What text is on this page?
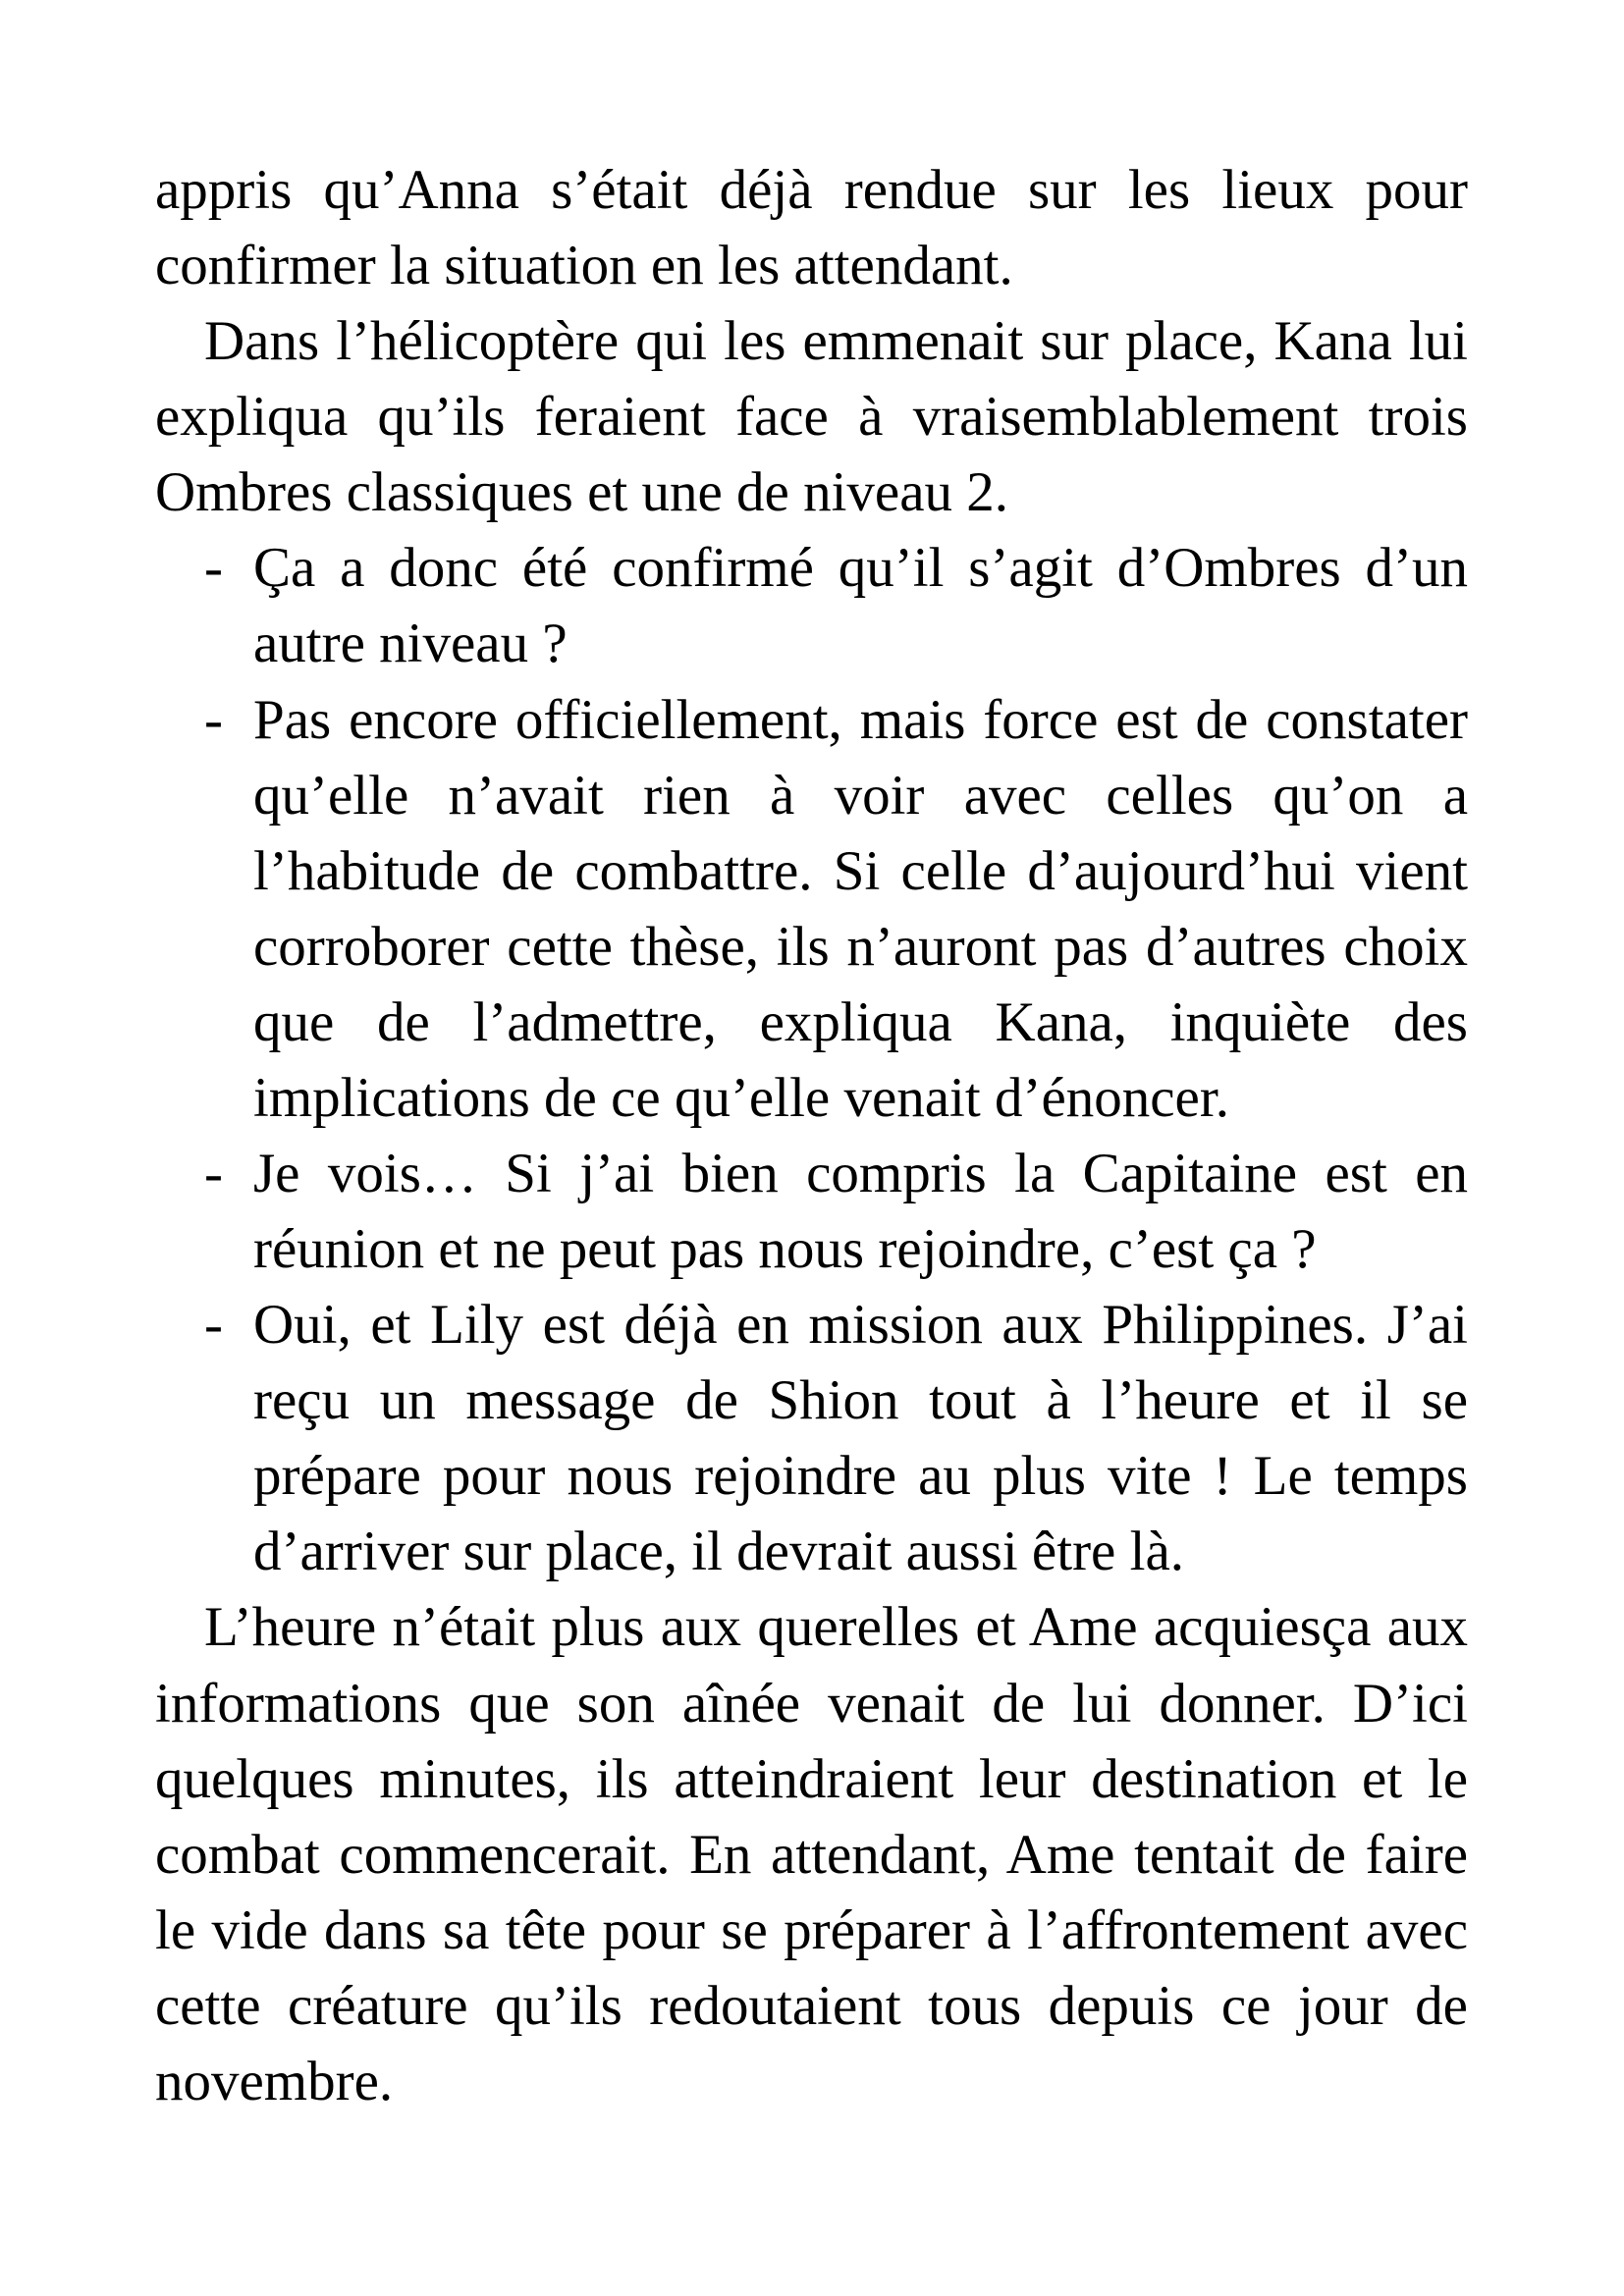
appris qu’Anna s’était déjà rendue sur les lieux pour
confirmer la situation en les attendant.
Dans l’hélicoptère qui les emmenait sur place, Kana lui
expliqua qu’ils feraient face à vraisemblablement trois
Ombres classiques et une de niveau 2.
- Ça a donc été confirmé qu’il s’agit d’Ombres d’un
autre niveau ?
- Pas encore officiellement, mais force est de constater
qu’elle n’avait rien à voir avec celles qu’on a
l’habitude de combattre. Si celle d’aujourd’hui vient
corroborer cette thèse, ils n’auront pas d’autres choix
que de l’admettre, expliqua Kana, inquiète des
implications de ce qu’elle venait d’énoncer.
- Je vois… Si j’ai bien compris la Capitaine est en
réunion et ne peut pas nous rejoindre, c’est ça ?
- Oui, et Lily est déjà en mission aux Philippines. J’ai
reçu un message de Shion tout à l’heure et il se
prépare pour nous rejoindre au plus vite ! Le temps
d’arriver sur place, il devrait aussi être là.
L’heure n’était plus aux querelles et Ame acquiesça aux
informations que son aînée venait de lui donner. D’ici
quelques minutes, ils atteindraient leur destination et le
combat commencerait. En attendant, Ame tentait de faire
le vide dans sa tête pour se préparer à l’affrontement avec
cette créature qu’ils redoutaient tous depuis ce jour de
novembre.
